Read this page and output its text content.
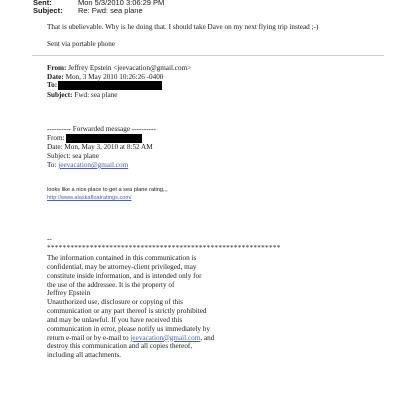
Sent:	Mon 5/3/2010 3:06:29 PM
Subject: Re: Fwd: sea plane
That is ubelievable. Why is he doing that. I should take Dave on my next flying trip instead ;-)
Sent via portable phone
From: Jeffrey Epstein <jeevacation@gmail.com>
Date: Mon, 3 May 2010 10:26:26 -0400
To:
Subject: Fwd: sea plane
---------- Forwarded message ----------
From:
Date: Mon, May 3, 2010 at 8:52 AM
Subject: sea plane
To: jeevacation@gmail.com
looks like a nice place to get a sea plane rating,,,
http://www.alaskafloatratings.com/
--
************************************************************
The information contained in this communication is
confidential, may be attorney-client privileged, may
constitute inside information, and is intended only for
the use of the addressee. It is the property of
Jeffrey Epstein
Unauthorized use, disclosure or copying of this
communication or any part thereof is strictly prohibited
and may be unlawful. If you have received this
communication in error, please notify us immediately by
return e-mail or by e-mail to jeevacation@gmail.com, and
destroy this communication and all copies thereof,
including all attachments.
